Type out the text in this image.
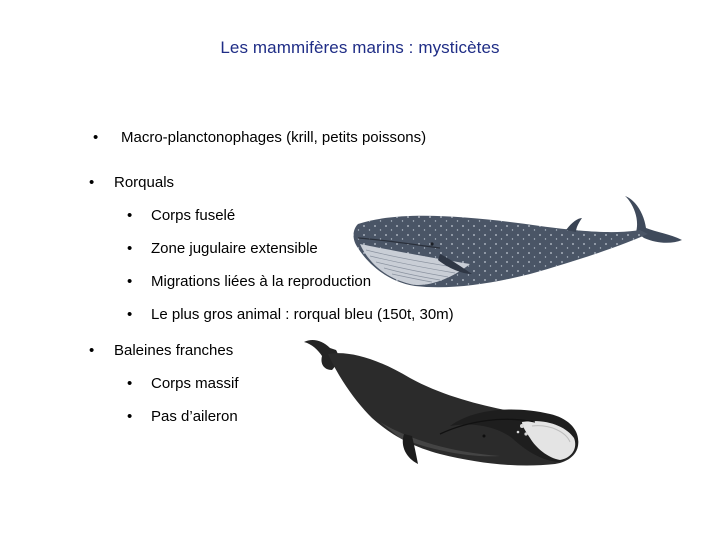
Les mammifères marins : mysticètes
•	Macro-planctonophages (krill, petits poissons)
•	Rorquals
•	Corps fuselé
•	Zone jugulaire extensible
•	Migrations liées à la reproduction
•	Le plus gros animal : rorqual bleu (150t, 30m)
•	Baleines franches
•	Corps massif
•	Pas d’aileron
